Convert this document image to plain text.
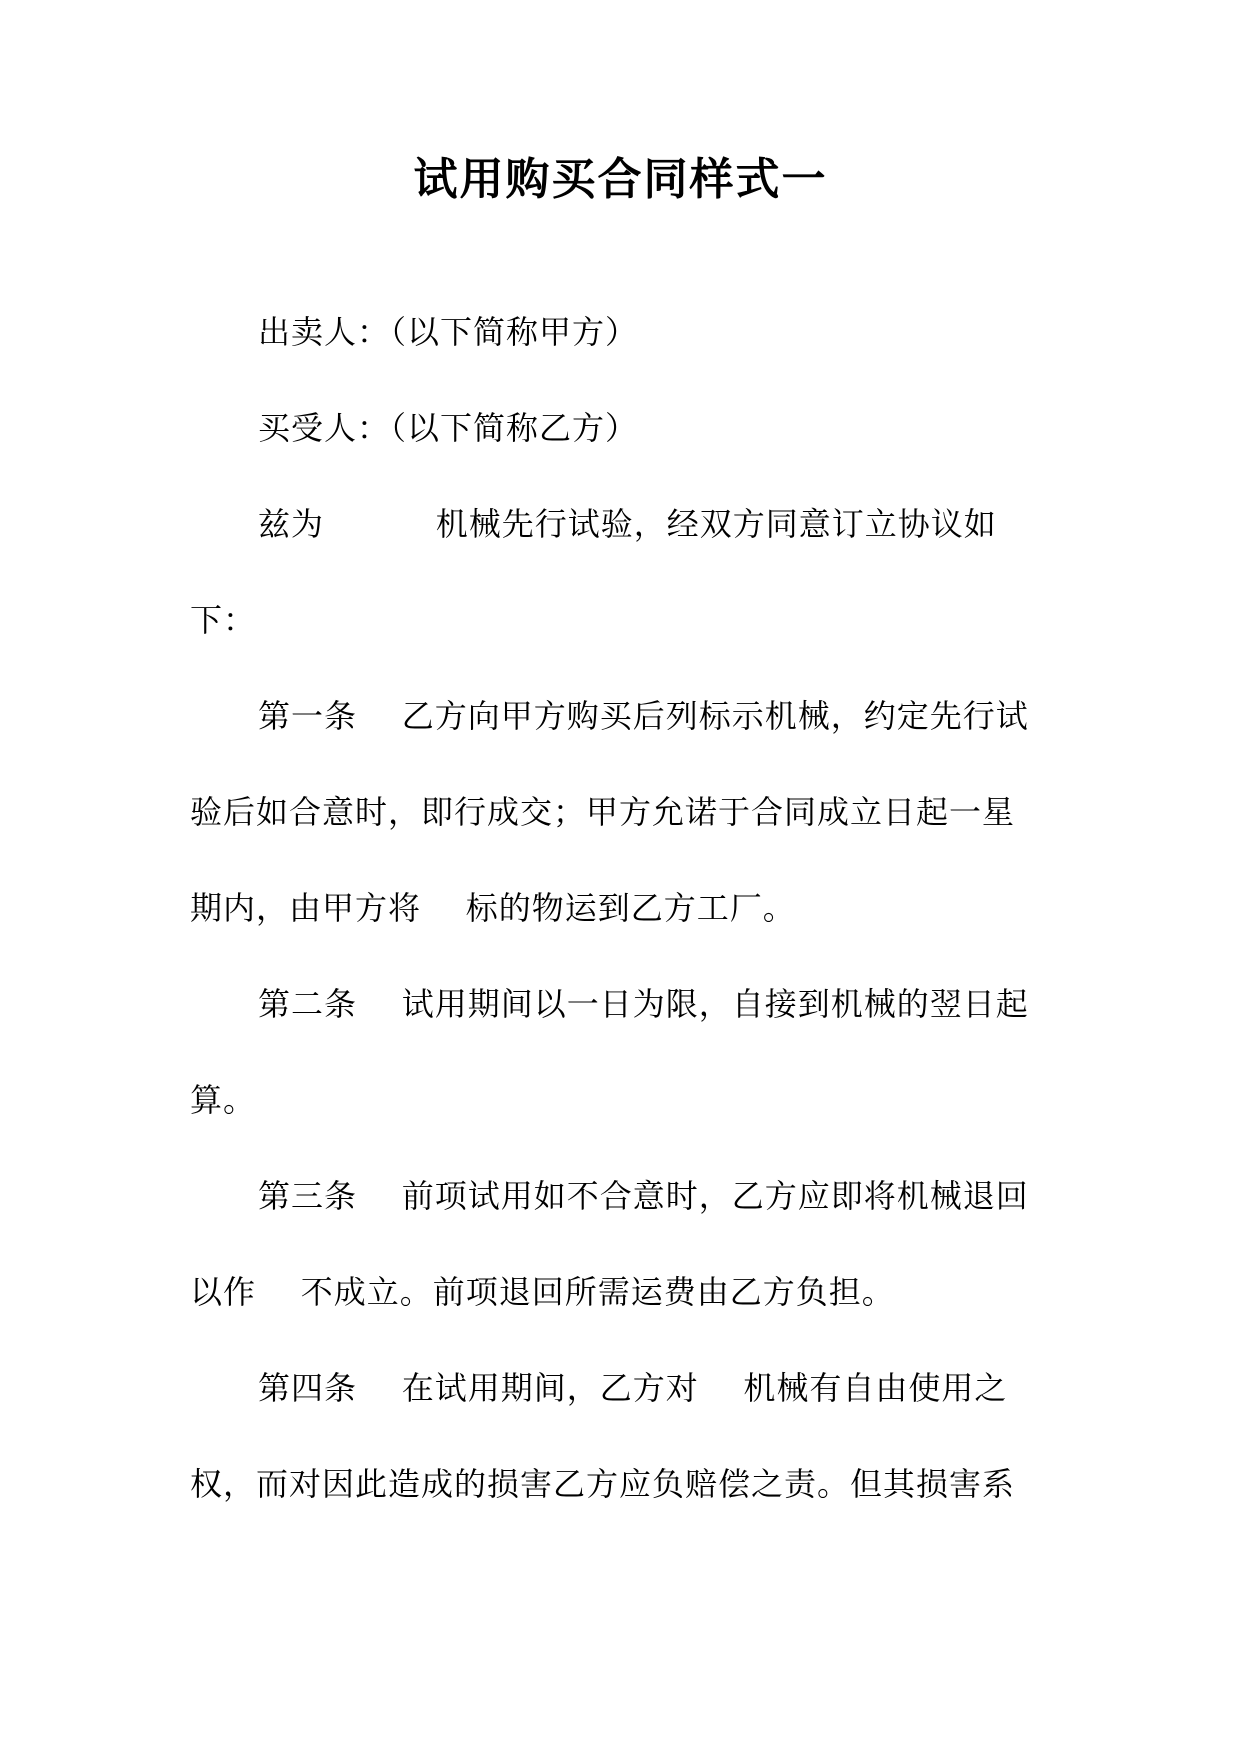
试用购买合同样式一
出卖人：（以下简称甲方）
买受人：（以下简称乙方）
兹为          机械先行试验，经双方同意订立协议如
下：
第一条    乙方向甲方购买后列标示机械，约定先行试
验后如合意时，即行成交；甲方允诺于合同成立日起一星
期内，由甲方将    标的物运到乙方工厂。
第二条    试用期间以一日为限，自接到机械的翌日起
算。
第三条    前项试用如不合意时，乙方应即将机械退回
以作    不成立。前项退回所需运费由乙方负担。
第四条    在试用期间，乙方对    机械有自由使用之
权，而对因此造成的损害乙方应负赔偿之责。但其损害系
